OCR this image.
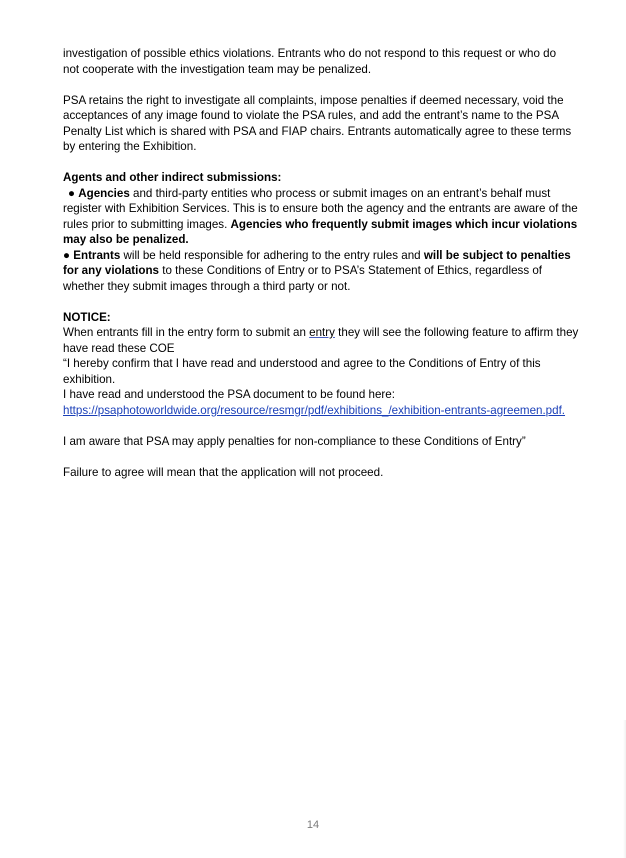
investigation of possible ethics violations. Entrants who do not respond to this request or who do
not cooperate with the investigation team may be penalized.

PSA retains the right to investigate all complaints, impose penalties if deemed necessary, void the acceptances of any image found to violate the PSA rules, and add the entrant’s name to the PSA Penalty List which is shared with PSA and FIAP chairs. Entrants automatically agree to these terms by entering the Exhibition.

Agents and other indirect submissions:
● Agencies and third-party entities who process or submit images on an entrant’s behalf must register with Exhibition Services. This is to ensure both the agency and the entrants are aware of the rules prior to submitting images. Agencies who frequently submit images which incur violations may also be penalized.
● Entrants will be held responsible for adhering to the entry rules and will be subject to penalties for any violations to these Conditions of Entry or to PSA’s Statement of Ethics, regardless of whether they submit images through a third party or not.

NOTICE:
When entrants fill in the entry form to submit an entry they will see the following feature to affirm they have read these COE
“I hereby confirm that I have read and understood and agree to the Conditions of Entry of this exhibition.
I have read and understood the PSA document to be found here:
https://psaphotoworldwide.org/resource/resmgr/pdf/exhibitions_/exhibition-entrants-agreemen.pdf.

I am aware that PSA may apply penalties for non-compliance to these Conditions of Entry”

Failure to agree will mean that the application will not proceed.

14
